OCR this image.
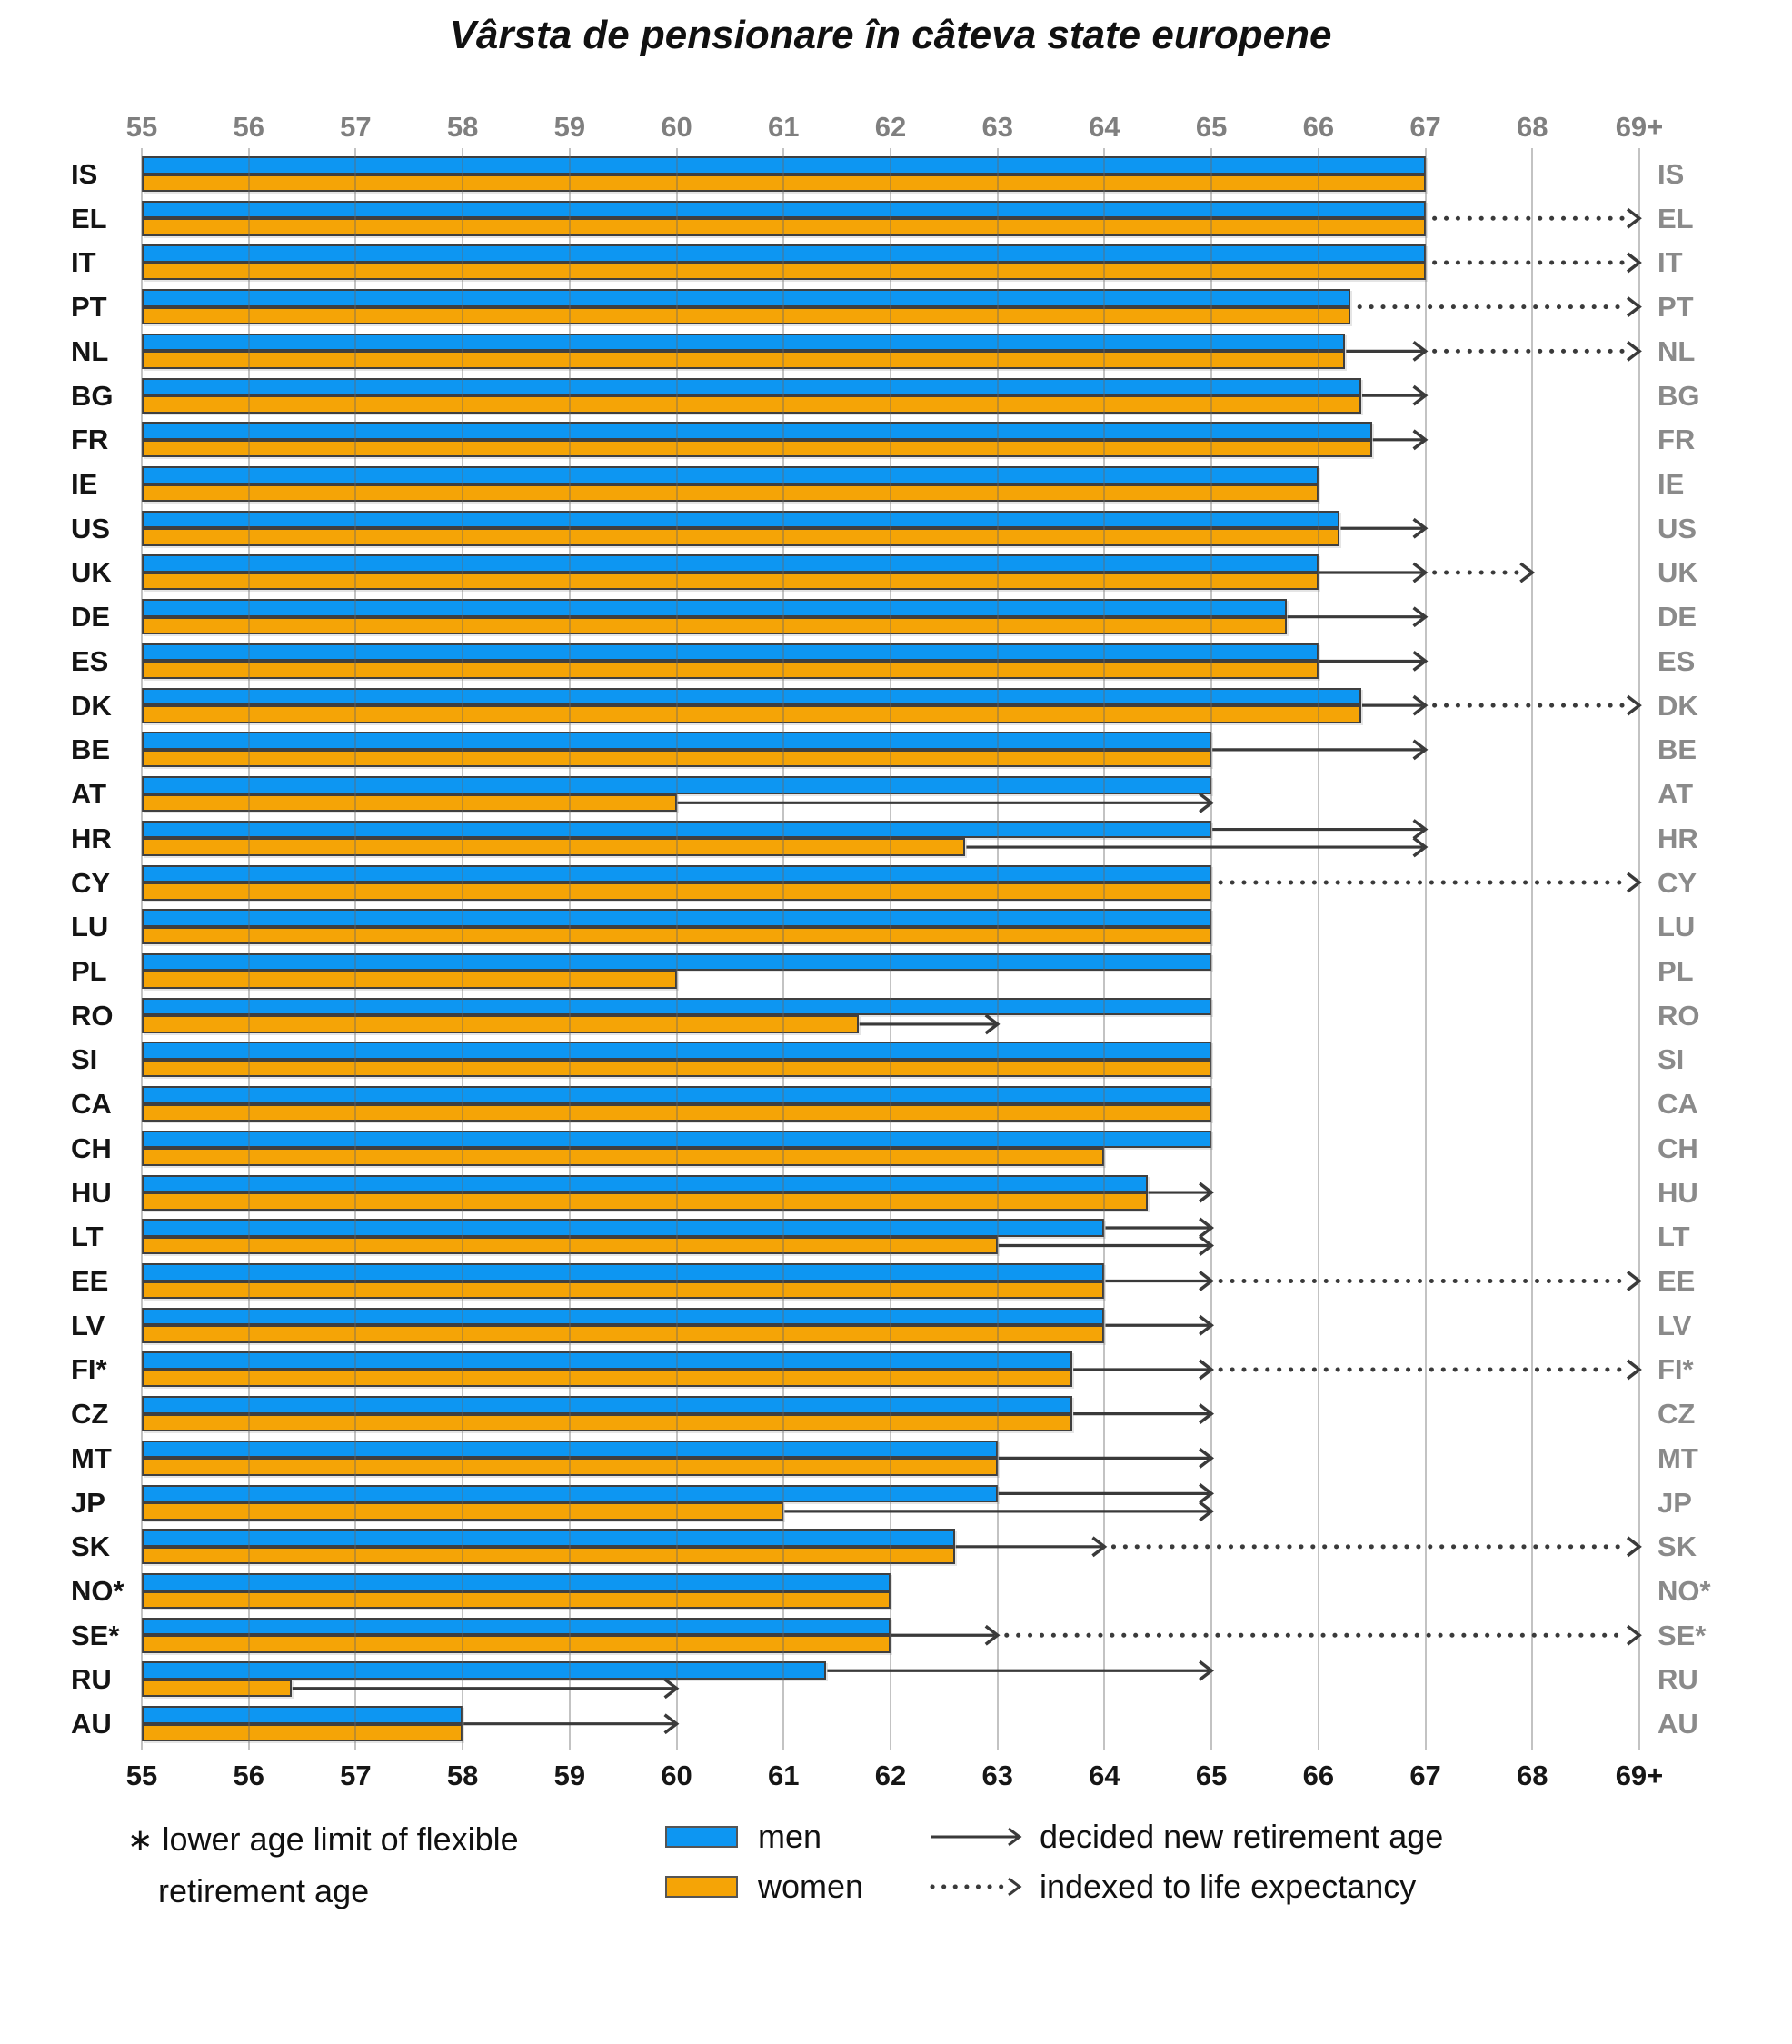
Vârsta de pensionare în câteva state europene
55
55
56
56
57
57
58
58
59
59
60
60
61
61
62
62
63
63
64
64
65
65
66
66
67
67
68
68
69+
69+
IS	IS
EL	EL
IT	IT
PT	PT
NL	NL
BG	BG
FR	FR
IE	IE
US	US
UK	UK
DE	DE
ES	ES
DK	DK
BE	BE
AT	AT
HR	HR
CY	CY
LU	LU
PL	PL
RO	RO
SI	SI
CA	CA
CH	CH
HU	HU
LT	LT
EE	EE
LV	LV
FI*	FI*
CZ	CZ
MT	MT
JP	JP
SK	SK
NO*	NO*
SE*	SE*
RU	RU
AU	AU
∗ lower age limit of flexible
retirement age
men
women
decided new retirement age
indexed to life expectancy
